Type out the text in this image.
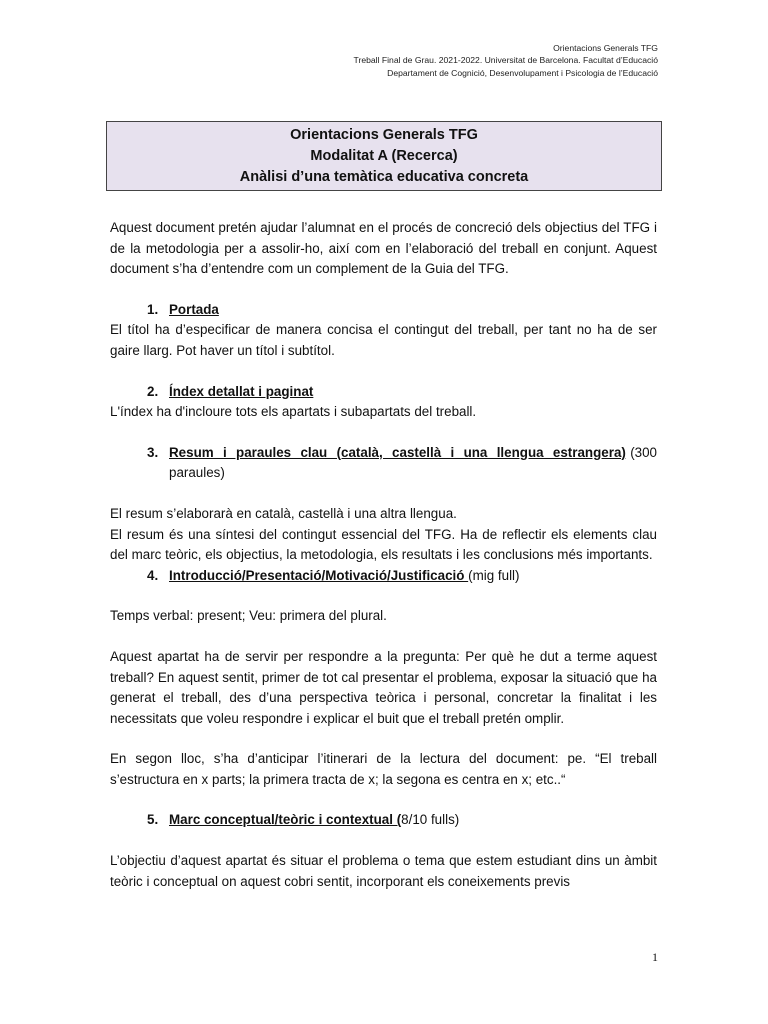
Orientacions Generals TFG
Treball Final de Grau. 2021-2022. Universitat de Barcelona. Facultat d’Educació
Departament de Cognició, Desenvolupament i Psicologia de l’Educació
Orientacions Generals TFG
Modalitat A (Recerca)
Anàlisi d’una temàtica educativa concreta

Aquest document pretén ajudar l’alumnat en el procés de concreció dels objectius del TFG i de la metodologia per a assolir-ho, així com en l’elaboració del treball en conjunt. Aquest document s’ha d’entendre com un complement de la Guia del TFG.

1. Portada

El títol ha d’especificar de manera concisa el contingut del treball, per tant no ha de ser gaire llarg. Pot haver un títol i subtítol.

2. Índex detallat i paginat

L'índex ha d'incloure tots els apartats i subapartats del treball.

3. Resum i paraules clau (català, castellà i una llengua estrangera) (300 paraules)

El resum s’elaborarà en català, castellà i una altra llengua.

El resum és una síntesi del contingut essencial del TFG. Ha de reflectir els elements clau del marc teòric, els objectius, la metodologia, els resultats i les conclusions més importants.

4. Introducció/Presentació/Motivació/Justificació (mig full)

Temps verbal: present; Veu: primera del plural.

Aquest apartat ha de servir per respondre a la pregunta: Per què he dut a terme aquest treball? En aquest sentit, primer de tot cal presentar el problema, exposar la situació que ha generat el treball, des d’una perspectiva teòrica i personal, concretar la finalitat i les necessitats que voleu respondre i explicar el buit que el treball pretén omplir.

En segon lloc, s’ha d’anticipar l’itinerari de la lectura del document: pe. “El treball s’estructura en x parts; la primera tracta de x; la segona es centra en x; etc..“

5. Marc conceptual/teòric i contextual (8/10 fulls)

L’objectiu d’aquest apartat és situar el problema o tema que estem estudiant dins un àmbit teòric i conceptual on aquest cobri sentit, incorporant els coneixements previs

1
